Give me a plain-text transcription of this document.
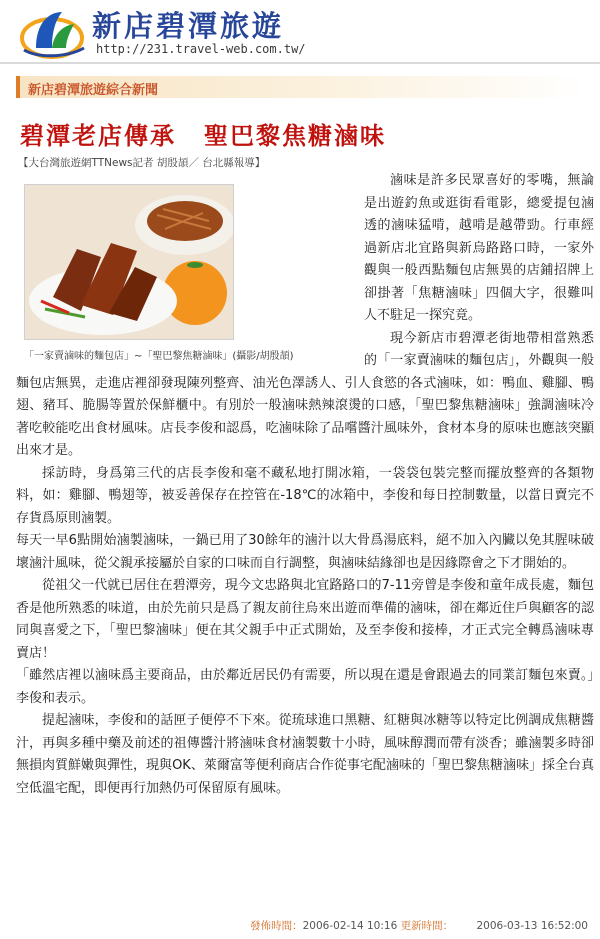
新店碧潭旅遊
http://231.travel-web.com.tw/
新店碧潭旅遊綜合新聞
碧潭老店傳承 聖巴黎焦糖滷味
【大台灣旅遊網TTNews記者 胡殷頡／ 台北縣報導】
「一家賣滷味的麵包店」~「聖巴黎焦糖滷味」(攝影/胡殷頡)

滷味是許多民眾喜好的零嘴，無論是出遊釣魚或逛街看電影，總愛提包滷透的滷味猛啃，越啃是越帶勁。行車經過新店北宜路與新烏路路口時，一家外觀與一般西點麵包店無異的店鋪招牌上卻掛著「焦糖滷味」四個大字，很難叫人不駐足一探究竟。

現今新店市碧潭老街地帶相當熟悉的「一家賣滷味的麵包店」，外觀與一般麵包店無異，走進店裡卻發現陳列整齊、油光色澤誘人、引人食慾的各式滷味，如：鴨血、雞腳、鴨翅、豬耳、脆腸等置於保鮮櫃中。有別於一般滷味熱辣滾燙的口感，「聖巴黎焦糖滷味」強調滷味冷著吃較能吃出食材風味。店長李俊和認爲，吃滷味除了品嚐醬汁風味外，食材本身的原味也應該突顯出來才是。

採訪時，身爲第三代的店長李俊和毫不藏私地打開冰箱，一袋袋包裝完整而擺放整齊的各類物料，如：雞腳、鴨翅等，被妥善保存在控管在-18℃的冰箱中，李俊和每日控制數量，以當日賣完不存貨爲原則滷製。

每天一早6點開始滷製滷味，一鍋已用了30餘年的滷汁以大骨爲湯底料，絕不加入內臟以免其腥味破壞滷汁風味，從父親承接屬於自家的口味而自行調整，與滷味結緣卻也是因緣際會之下才開始的。

從祖父一代就已居住在碧潭旁，現今文忠路與北宜路路口的7-11旁曾是李俊和童年成長處，麵包香是他所熟悉的味道，由於先前只是爲了親友前往烏來出遊而準備的滷味，卻在鄰近住戶與顧客的認同與喜愛之下，「聖巴黎滷味」便在其父親手中正式開始，及至李俊和接棒，才正式完全轉爲滷味專賣店！

「雖然店裡以滷味爲主要商品，由於鄰近居民仍有需要，所以現在還是會跟過去的同業訂麵包來賣。」李俊和表示。

提起滷味，李俊和的話匣子便停不下來。從琉球進口黑糖、紅糖與冰糖等以特定比例調成焦糖醬汁，再與多種中藥及前述的祖傳醬汁將滷味食材滷製數十小時，風味醇潤而帶有淡香；雖滷製多時卻無損肉質鮮嫩與彈性，現與OK、萊爾富等便利商店合作從事宅配滷味的「聖巴黎焦糖滷味」採全台真空低溫宅配，即便再行加熱仍可保留原有風味。

發佈時間：2006-02-14 10:16 更新時間： 2006-03-13 16:52:00
